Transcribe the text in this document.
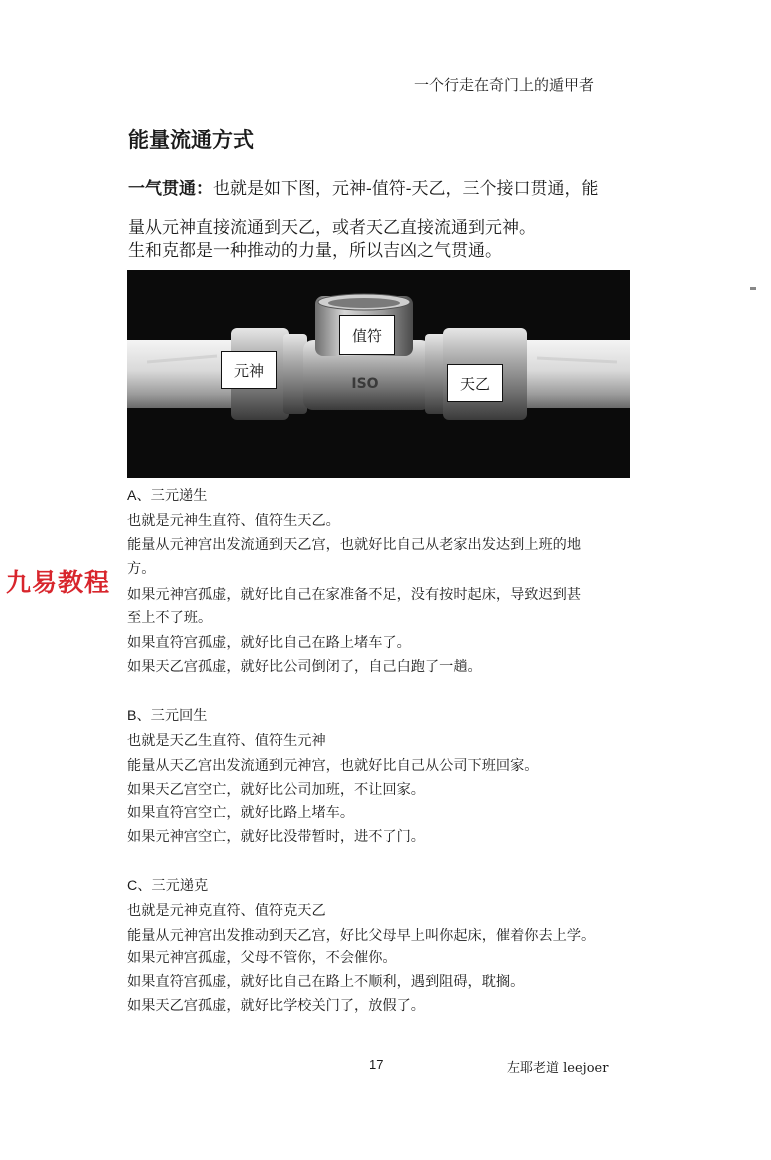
一个行走在奇门上的遁甲者
能量流通方式
一气贯通：也就是如下图，元神-值符-天乙，三个接口贯通，能
量从元神直接流通到天乙，或者天乙直接流通到元神。
生和克都是一种推动的力量，所以吉凶之气贯通。
ISO
元神
值符
天乙
A、三元递生
也就是元神生直符、值符生天乙。
能量从元神宫出发流通到天乙宫，也就好比自己从老家出发达到上班的地
方。
如果元神宫孤虚，就好比自己在家准备不足，没有按时起床，导致迟到甚
至上不了班。
如果直符宫孤虚，就好比自己在路上堵车了。
如果天乙宫孤虚，就好比公司倒闭了，自己白跑了一趟。
B、三元回生
也就是天乙生直符、值符生元神
能量从天乙宫出发流通到元神宫，也就好比自己从公司下班回家。
如果天乙宫空亡，就好比公司加班，不让回家。
如果直符宫空亡，就好比路上堵车。
如果元神宫空亡，就好比没带暂时，进不了门。
C、三元递克
也就是元神克直符、值符克天乙
能量从元神宫出发推动到天乙宫，好比父母早上叫你起床，催着你去上学。
如果元神宫孤虚，父母不管你，不会催你。
如果直符宫孤虚，就好比自己在路上不顺利，遇到阻碍，耽搁。
如果天乙宫孤虚，就好比学校关门了，放假了。
九易教程
17	左耶老道 leejoer
